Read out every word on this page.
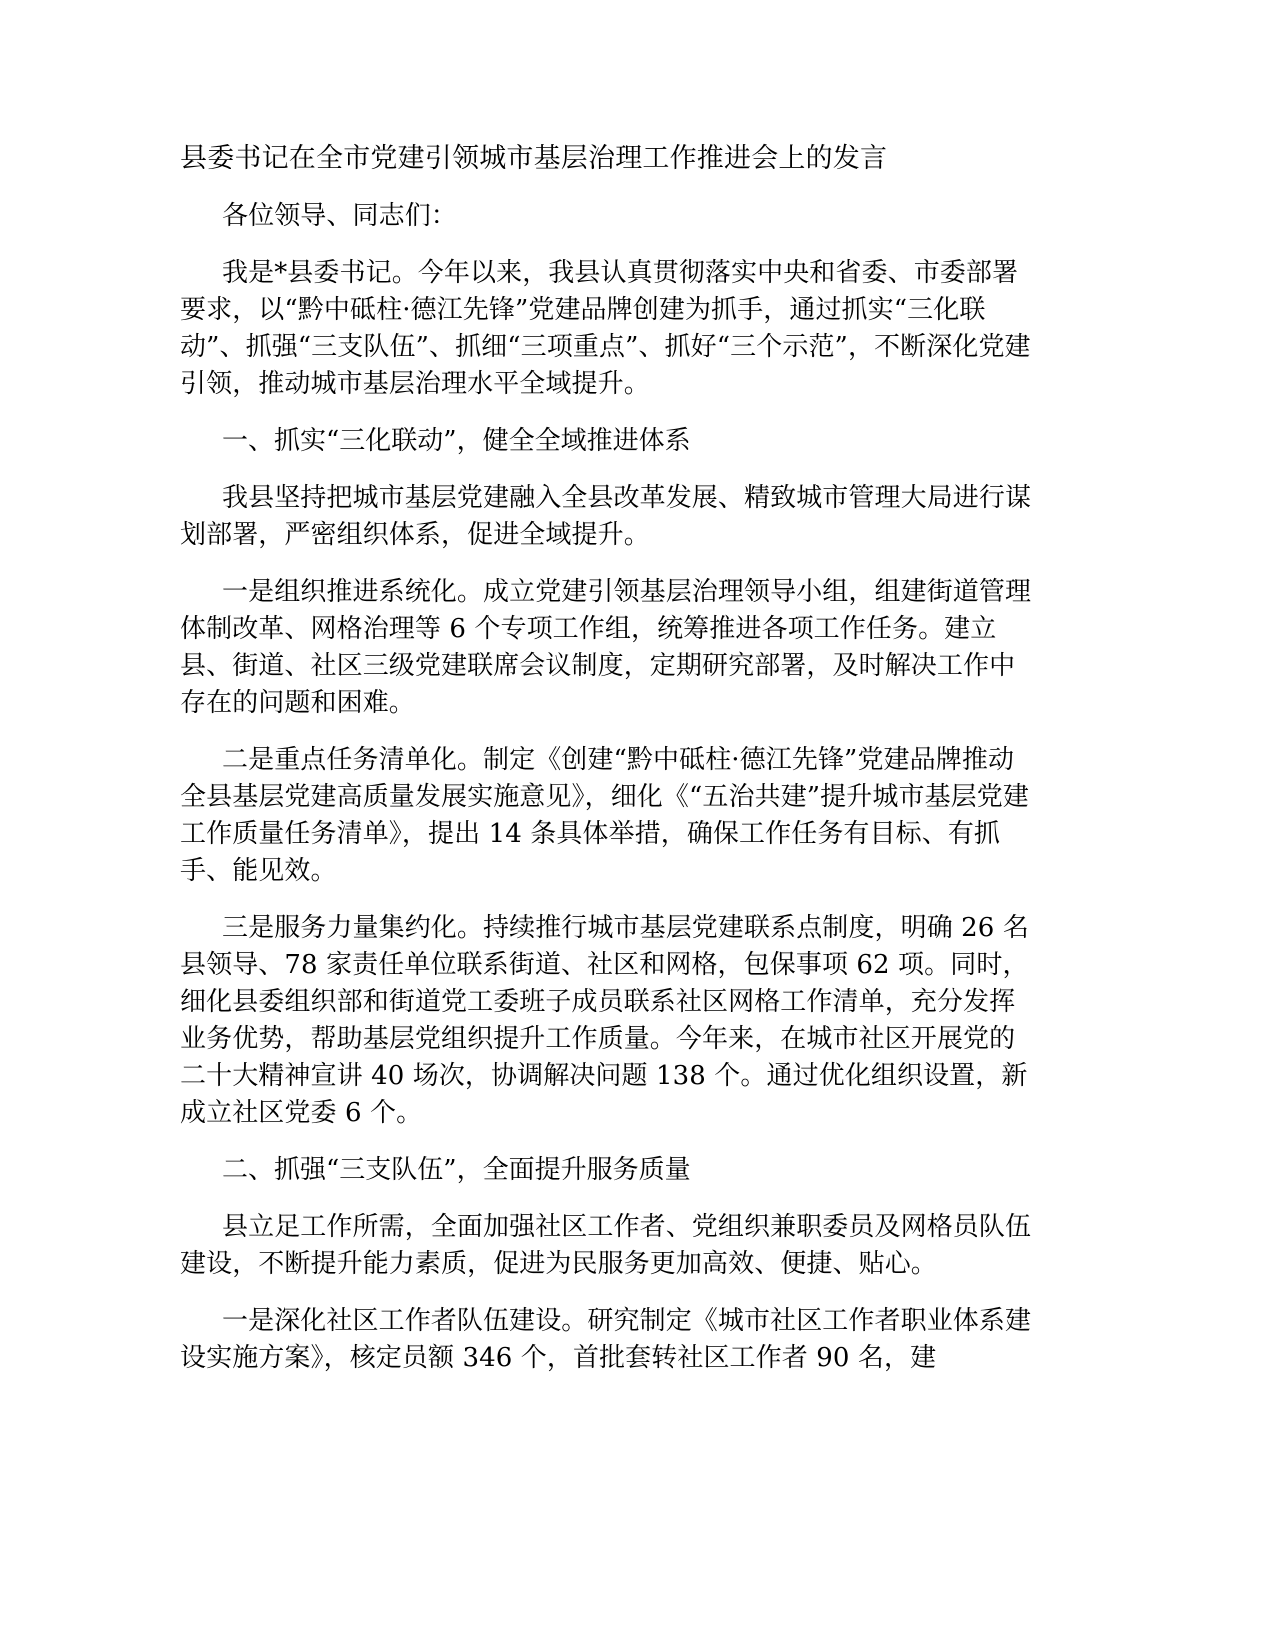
县委书记在全市党建引领城市基层治理工作推进会上的发言

各位领导、同志们：

我是*县委书记。今年以来，我县认真贯彻落实中央和省委、市委部署要求，以“黔中砥柱·德江先锋”党建品牌创建为抓手，通过抓实“三化联动”、抓强“三支队伍”、抓细“三项重点”、抓好“三个示范”，不断深化党建引领，推动城市基层治理水平全域提升。

一、抓实“三化联动”，健全全域推进体系

我县坚持把城市基层党建融入全县改革发展、精致城市管理大局进行谋划部署，严密组织体系，促进全域提升。

一是组织推进系统化。成立党建引领基层治理领导小组，组建街道管理体制改革、网格治理等 6 个专项工作组，统筹推进各项工作任务。建立县、街道、社区三级党建联席会议制度，定期研究部署，及时解决工作中存在的问题和困难。

二是重点任务清单化。制定《创建“黔中砥柱·德江先锋”党建品牌推动全县基层党建高质量发展实施意见》，细化《“五治共建”提升城市基层党建工作质量任务清单》，提出 14 条具体举措，确保工作任务有目标、有抓手、能见效。

三是服务力量集约化。持续推行城市基层党建联系点制度，明确 26 名县领导、78 家责任单位联系街道、社区和网格，包保事项 62 项。同时，细化县委组织部和街道党工委班子成员联系社区网格工作清单，充分发挥业务优势，帮助基层党组织提升工作质量。今年来，在城市社区开展党的二十大精神宣讲 40 场次，协调解决问题 138 个。通过优化组织设置，新成立社区党委 6 个。

二、抓强“三支队伍”，全面提升服务质量

县立足工作所需，全面加强社区工作者、党组织兼职委员及网格员队伍建设，不断提升能力素质，促进为民服务更加高效、便捷、贴心。

一是深化社区工作者队伍建设。研究制定《城市社区工作者职业体系建设实施方案》，核定员额 346 个，首批套转社区工作者 90 名，建
